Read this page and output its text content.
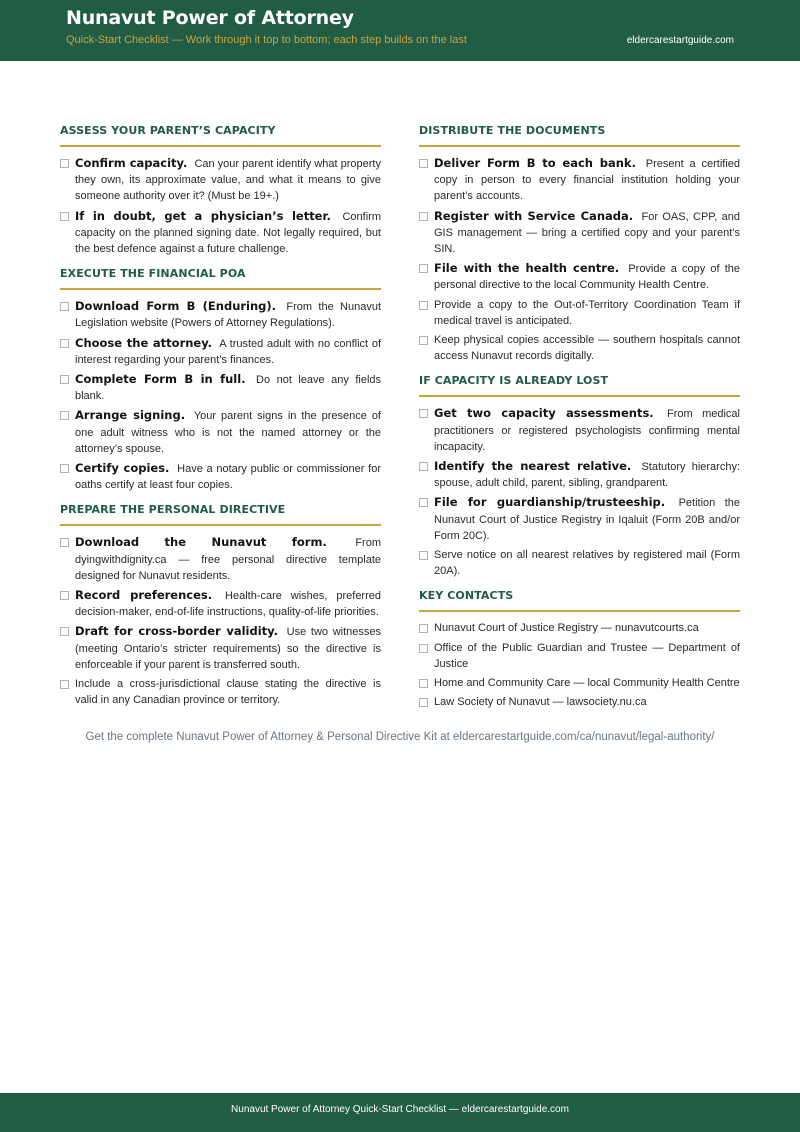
Nunavut Power of Attorney
Quick-Start Checklist — Work through it top to bottom; each step builds on the last	eldercarestartguide.com
ASSESS YOUR PARENT’S CAPACITY
Confirm capacity. Can your parent identify what property they own, its approximate value, and what it means to give someone authority over it? (Must be 19+.)
If in doubt, get a physician’s letter. Confirm capacity on the planned signing date. Not legally required, but the best defence against a future challenge.
EXECUTE THE FINANCIAL POA
Download Form B (Enduring). From the Nunavut Legislation website (Powers of Attorney Regulations).
Choose the attorney. A trusted adult with no conflict of interest regarding your parent’s finances.
Complete Form B in full. Do not leave any fields blank.
Arrange signing. Your parent signs in the presence of one adult witness who is not the named attorney or the attorney’s spouse.
Certify copies. Have a notary public or commissioner for oaths certify at least four copies.
PREPARE THE PERSONAL DIRECTIVE
Download the Nunavut form.	From dyingwithdignity.ca — free personal directive template designed for Nunavut residents.
Record preferences. Health-care wishes, preferred decision-maker, end-of-life instructions, quality-of-life priorities.
Draft for cross-border validity. Use two witnesses (meeting Ontario’s stricter requirements) so the directive is enforceable if your parent is transferred south.
Include a cross-jurisdictional clause stating the directive is valid in any Canadian province or territory.
DISTRIBUTE THE DOCUMENTS
Deliver Form B to each bank. Present a certified copy in person to every financial institution holding your parent’s accounts.
Register with Service Canada. For OAS, CPP, and GIS management — bring a certified copy and your parent’s SIN.
File with the health centre. Provide a copy of the personal directive to the local Community Health Centre.
Provide a copy to the Out-of-Territory Coordination Team if medical travel is anticipated.
Keep physical copies accessible — southern hospitals cannot access Nunavut records digitally.
IF CAPACITY IS ALREADY LOST
Get two capacity assessments. From medical practitioners or registered psychologists confirming mental incapacity.
Identify the nearest relative. Statutory hierarchy: spouse, adult child, parent, sibling, grandparent.
File for guardianship/trusteeship. Petition the Nunavut Court of Justice Registry in Iqaluit (Form 20B and/or Form 20C).
Serve notice on all nearest relatives by registered mail (Form 20A).
KEY CONTACTS
Nunavut Court of Justice Registry — nunavutcourts.ca
Office of the Public Guardian and Trustee — Department of Justice
Home and Community Care — local Community Health Centre
Law Society of Nunavut — lawsociety.nu.ca
Get the complete Nunavut Power of Attorney & Personal Directive Kit at eldercarestartguide.com/ca/nunavut/legal-authority/
Nunavut Power of Attorney Quick-Start Checklist — eldercarestartguide.com
